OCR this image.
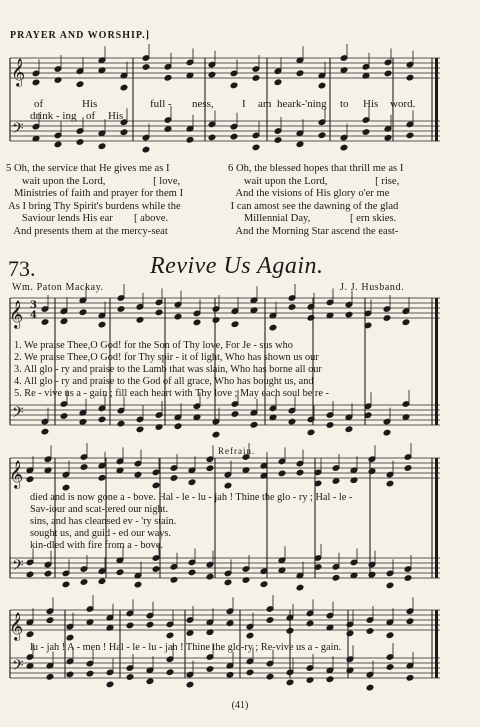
PRAYER AND WORSHIP.]
𝄞
𝄢
𝄞
𝄢
3
4
𝄞
𝄢
𝄞
𝄢
of	His	full - ness,	I am heark-'ning to His word.
drink - ing of His
5 Oh, the service that He gives me as I
wait upon the Lord,                  [ love,
Ministries of faith and prayer for them I
As I bring Thy Spirit's burdens while the
Saviour lends His ear        [ above.
And presents them at the mercy-seat
6 Oh, the blessed hopes that thrill me as I
wait upon the Lord,                  [ rise,
And the visions of His glory o'er me
I can amost see the dawning of the glad
Millennial Day,               [ ern skies.
And the Morning Star ascend the east-
73.	Revive Us Again.
Wm. Paton Mackay.	J. J. Husband.
1. We praise Thee,O God! for the Son of Thy love, For Je - sus who
2. We praise Thee,O God! for Thy spir - it of light, Who has shown us our
3. All glo - ry and praise to the Lamb that was slain, Who has borne all our
4. All glo - ry and praise to the God of all grace, Who has bought us, and
5. Re - vive us a - gain ; fill each heart with Thy love ; May each soul be re -
Refrain.
died and is now gone a - bove. Hal - le - lu - jah ! Thine the glo - ry ; Hal - le -
Sav-iour and scat-tered our night.
sins, and has cleansed ev - 'ry stain.
sought us, and guid - ed our ways.
kin-dled with fire from a - bove.
lu - jah ! A - men ! Hal - le - lu - jah ! Thine the glo-ry ; Re-vive us a - gain.
(41)
